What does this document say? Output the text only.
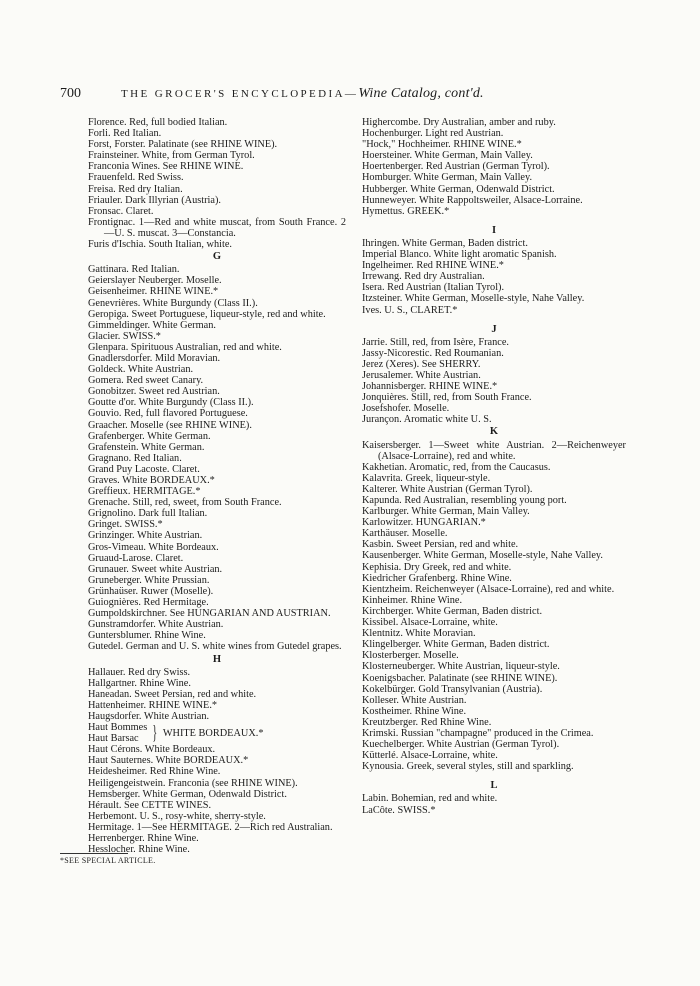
700	THE GROCER'S ENCYCLOPEDIA—Wine Catalog, cont'd.
Florence. Red, full bodied Italian.
Forli. Red Italian.
Forst, Forster. Palatinate (see RHINE WINE).
Frainsteiner. White, from German Tyrol.
Franconia Wines. See RHINE WINE.
Frauenfeld. Red Swiss.
Freisa. Red dry Italian.
Friauler. Dark Illyrian (Austria).
Fronsac. Claret.
Frontignac. 1—Red and white muscat, from South France. 2—U. S. muscat. 3—Constancia.
Furis d'Ischia. South Italian, white.
G
Gattinara. Red Italian.
Geierslayer Neuberger. Moselle.
Geisenheimer. RHINE WINE.*
Genevrières. White Burgundy (Class II.).
Geropiga. Sweet Portuguese, liqueur-style, red and white.
Gimmeldinger. White German.
Glacier. SWISS.*
Glenpara. Spirituous Australian, red and white.
Gnadlersdorfer. Mild Moravian.
Goldeck. White Austrian.
Gomera. Red sweet Canary.
Gonobitzer. Sweet red Austrian.
Goutte d'or. White Burgundy (Class II.).
Gouvio. Red, full flavored Portuguese.
Graacher. Moselle (see RHINE WINE).
Grafenberger. White German.
Grafenstein. White German.
Gragnano. Red Italian.
Grand Puy Lacoste. Claret.
Graves. White BORDEAUX.*
Greffieux. HERMITAGE.*
Grenache. Still, red, sweet, from South France.
Grignolino. Dark full Italian.
Gringet. SWISS.*
Grinzinger. White Austrian.
Gros-Vimeau. White Bordeaux.
Gruaud-Larose. Claret.
Grunauer. Sweet white Austrian.
Gruneberger. White Prussian.
Grünhaüser. Ruwer (Moselle).
Guiognières. Red Hermitage.
Gumpoldskirchner. See HUNGARIAN AND AUSTRIAN.
Gunstramdorfer. White Austrian.
Guntersblumer. Rhine Wine.
Gutedel. German and U. S. white wines from Gutedel grapes.
H
Hallauer. Red dry Swiss.
Hallgartner. Rhine Wine.
Haneadan. Sweet Persian, red and white.
Hattenheimer. RHINE WINE.*
Haugsdorfer. White Austrian.
Haut Bommes
Haut Barsac } WHITE BORDEAUX.*
Haut Cérons. White Bordeaux.
Haut Sauternes. White BORDEAUX.*
Heidesheimer. Red Rhine Wine.
Heiligengeistwein. Franconia (see RHINE WINE).
Hemsberger. White German, Odenwald District.
Hérault. See CETTE WINES.
Herbemont. U. S., rosy-white, sherry-style.
Hermitage. 1—See HERMITAGE. 2—Rich red Australian.
Herrenberger. Rhine Wine.
Hesslocher. Rhine Wine.
Highercombe. Dry Australian, amber and ruby.
Hochenburger. Light red Austrian.
"Hock," Hochheimer. RHINE WINE.*
Hoersteiner. White German, Main Valley.
Hoertenberger. Red Austrian (German Tyrol).
Homburger. White German, Main Valley.
Hubberger. White German, Odenwald District.
Hunneweyer. White Rappoltsweiler, Alsace-Lorraine.
Hymettus. GREEK.*
I
Ihringen. White German, Baden district.
Imperial Blanco. White light aromatic Spanish.
Ingelheimer. Red RHINE WINE.*
Irrewang. Red dry Australian.
Isera. Red Austrian (Italian Tyrol).
Itzsteiner. White German, Moselle-style, Nahe Valley.
Ives. U. S., CLARET.*
J
Jarrie. Still, red, from Isère, France.
Jassy-Nicorestic. Red Roumanian.
Jerez (Xeres). See SHERRY.
Jerusalemer. White Austrian.
Johannisberger. RHINE WINE.*
Jonquières. Still, red, from South France.
Josefshofer. Moselle.
Jurançon. Aromatic white U. S.
K
Kaisersberger. 1—Sweet white Austrian. 2—Reichenweyer (Alsace-Lorraine), red and white.
Kakhetian. Aromatic, red, from the Caucasus.
Kalavrita. Greek, liqueur-style.
Kalterer. White Austrian (German Tyrol).
Kapunda. Red Australian, resembling young port.
Karlburger. White German, Main Valley.
Karlowitzer. HUNGARIAN.*
Karthäuser. Moselle.
Kasbin. Sweet Persian, red and white.
Kausenberger. White German, Moselle-style, Nahe Valley.
Kephisia. Dry Greek, red and white.
Kiedricher Grafenberg. Rhine Wine.
Kientzheim. Reichenweyer (Alsace-Lorraine), red and white.
Kinheimer. Rhine Wine.
Kirchberger. White German, Baden district.
Kissibel. Alsace-Lorraine, white.
Klentnitz. White Moravian.
Klingelberger. White German, Baden district.
Klosterberger. Moselle.
Klosterneuberger. White Austrian, liqueur-style.
Koenigsbacher. Palatinate (see RHINE WINE).
Kokelbürger. Gold Transylvanian (Austria).
Kolleser. White Austrian.
Kostheimer. Rhine Wine.
Kreutzberger. Red Rhine Wine.
Krimski. Russian "champagne" produced in the Crimea.
Kuechelberger. White Austrian (German Tyrol).
Kütterlé. Alsace-Lorraine, white.
Kynousia. Greek, several styles, still and sparkling.
L
Labin. Bohemian, red and white.
LaCôte. SWISS.*
*SEE SPECIAL ARTICLE.
